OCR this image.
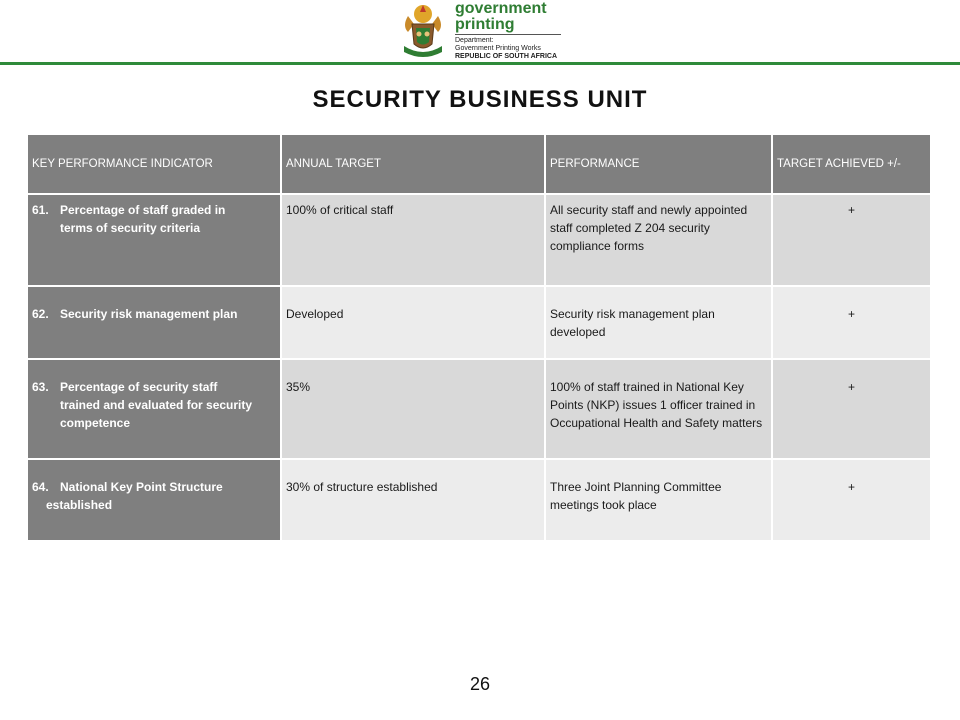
government
printing
Department:
Government Printing Works
REPUBLIC OF SOUTH AFRICA
SECURITY BUSINESS UNIT
KEY PERFORMANCE INDICATOR	ANNUAL TARGET	PERFORMANCE	TARGET ACHIEVED +/-
61. Percentage of staff graded in
terms of security criteria	100% of critical staff	All security staff and newly appointed staff completed Z 204 security compliance forms	+
62. Security risk management plan	Developed	Security risk management plan developed	+
63. Percentage of security staff
trained and evaluated for security competence	35%	100% of staff trained in National Key Points (NKP) issues 1 officer trained in Occupational Health and Safety matters	+
64. National Key Point Structure
established	30% of structure established	Three Joint Planning Committee meetings took place	+
26
